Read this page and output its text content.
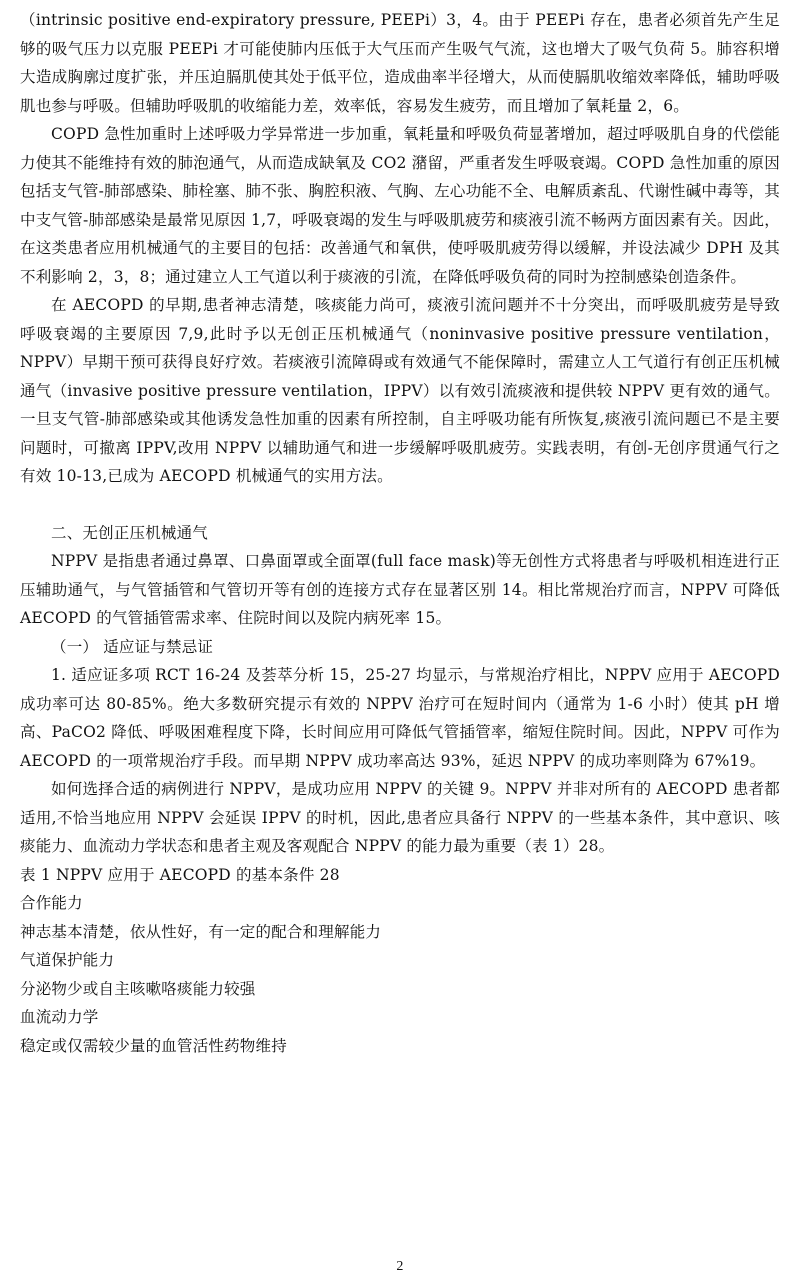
（intrinsic positive end-expiratory pressure, PEEPi）3，4。由于 PEEPi 存在，患者必须首先产生足够的吸气压力以克服 PEEPi 才可能使肺内压低于大气压而产生吸气气流，这也增大了吸气负荷 5。肺容积增大造成胸廓过度扩张，并压迫膈肌使其处于低平位，造成曲率半径增大，从而使膈肌收缩效率降低，辅助呼吸肌也参与呼吸。但辅助呼吸肌的收缩能力差，效率低，容易发生疲劳，而且增加了氧耗量 2，6。

COPD 急性加重时上述呼吸力学异常进一步加重，氧耗量和呼吸负荷显著增加，超过呼吸肌自身的代偿能力使其不能维持有效的肺泡通气，从而造成缺氧及 CO2 潴留，严重者发生呼吸衰竭。COPD 急性加重的原因包括支气管-肺部感染、肺栓塞、肺不张、胸腔积液、气胸、左心功能不全、电解质紊乱、代谢性碱中毒等，其中支气管-肺部感染是最常见原因 1,7，呼吸衰竭的发生与呼吸肌疲劳和痰液引流不畅两方面因素有关。因此，在这类患者应用机械通气的主要目的包括：改善通气和氧供，使呼吸肌疲劳得以缓解，并设法减少 DPH 及其不利影响 2，3，8；通过建立人工气道以利于痰液的引流，在降低呼吸负荷的同时为控制感染创造条件。

在 AECOPD 的早期,患者神志清楚，咳痰能力尚可，痰液引流问题并不十分突出，而呼吸肌疲劳是导致呼吸衰竭的主要原因 7,9,此时予以无创正压机械通气（noninvasive positive pressure ventilation，NPPV）早期干预可获得良好疗效。若痰液引流障碍或有效通气不能保障时，需建立人工气道行有创正压机械通气（invasive positive pressure ventilation，IPPV）以有效引流痰液和提供较 NPPV 更有效的通气。一旦支气管-肺部感染或其他诱发急性加重的因素有所控制，自主呼吸功能有所恢复,痰液引流问题已不是主要问题时，可撤离 IPPV,改用 NPPV 以辅助通气和进一步缓解呼吸肌疲劳。实践表明，有创-无创序贯通气行之有效 10-13,已成为 AECOPD 机械通气的实用方法。

二、无创正压机械通气

NPPV 是指患者通过鼻罩、口鼻面罩或全面罩(full face mask)等无创性方式将患者与呼吸机相连进行正压辅助通气，与气管插管和气管切开等有创的连接方式存在显著区别 14。相比常规治疗而言，NPPV 可降低 AECOPD 的气管插管需求率、住院时间以及院内病死率 15。

（一） 适应证与禁忌证

1. 适应证多项 RCT 16-24 及荟萃分析 15，25-27 均显示，与常规治疗相比，NPPV 应用于 AECOPD 成功率可达 80-85%。绝大多数研究提示有效的 NPPV 治疗可在短时间内（通常为 1-6 小时）使其 pH 增高、PaCO2 降低、呼吸困难程度下降，长时间应用可降低气管插管率，缩短住院时间。因此，NPPV 可作为 AECOPD 的一项常规治疗手段。而早期 NPPV 成功率高达 93%，延迟 NPPV 的成功率则降为 67%19。

如何选择合适的病例进行 NPPV，是成功应用 NPPV 的关键 9。NPPV 并非对所有的 AECOPD 患者都适用,不恰当地应用 NPPV 会延误 IPPV 的时机，因此,患者应具备行 NPPV 的一些基本条件，其中意识、咳痰能力、血流动力学状态和患者主观及客观配合 NPPV 的能力最为重要（表 1）28。

表 1 NPPV 应用于 AECOPD 的基本条件 28

合作能力

神志基本清楚，依从性好，有一定的配合和理解能力

气道保护能力

分泌物少或自主咳嗽咯痰能力较强

血流动力学

稳定或仅需较少量的血管活性药物维持

2
